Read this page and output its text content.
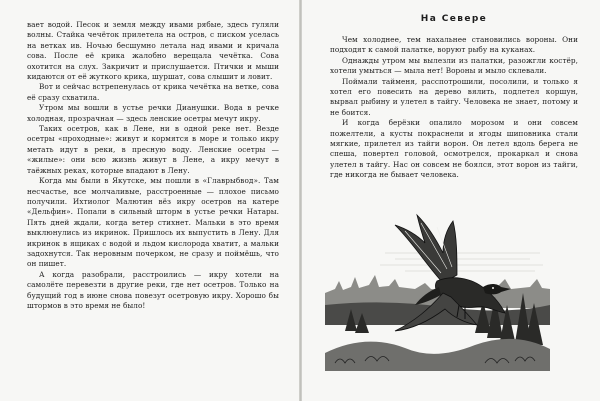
вает водой. Песок и земля между ивами рябые, здесь гуляли волны. Стайка чечёток прилетела на остров, с писком уселась на ветках ив. Ночью бесшумно летала над ивами и кричала сова. После её крика жалобно верещала чечётка. Сова охотится на слух. Закричит и прислушается. Птички и мыши кидаются от её жуткого крика, шуршат, сова слышит и ловит.

Вот и сейчас встрепенулась от крика чечётка на ветке, сова её сразу схватила.

Утром мы вошли в устье речки Дианушки. Вода в речке холодная, прозрачная — здесь ленские осетры мечут икру.

Таких осетров, как в Лене, ни в одной реке нет. Везде осетры «проходные»: живут и кормятся в море и только икру метать идут в реки, в пресную воду. Ленские осетры — «жилые»: они всю жизнь живут в Лене, а икру мечут в таёжных реках, которые впадают в Лену.

Когда мы были в Якутске, мы пошли в «Главрыбвод». Там несчастье, все молчаливые, расстроенные — плохое письмо получили. Ихтиолог Малютин вёз икру осетров на катере «Дельфин». Попали в сильный шторм в устье речки Натары. Пять дней ждали, когда ветер стихнет. Мальки в это время выклюнулись из икринок. Пришлось их выпустить в Лену. Для икринок в ящиках с водой и льдом кислорода хватит, а мальки задохнутся. Так неровным почерком, не сразу и поймёшь, что он пишет.

А когда разобрали, расстроились — икру хотели на самолёте перевезти в другие реки, где нет осетров. Только на будущий год в июне снова повезут осетровую икру. Хорошо бы штормов в это время не было!

На Севере

Чем холоднее, тем нахальнее становились вороны. Они подходят к самой палатке, воруют рыбу на куканах.

Однажды утром мы вылезли из палатки, разожгли костёр, хотели умыться — мыла нет! Вороны и мыло склевали.

Поймали тайменя, расспотрошили, посолили, и только я хотел его повесить на дерево вялить, подлетел коршун, вырвал рыбину и улетел в тайгу. Человека не знает, потому и не боится.

И когда берёзки опалило морозом и они совсем пожелтели, а кусты покраснели и ягоды шиповника стали мягкие, прилетел из тайги ворон. Он летел вдоль берега не спеша, повертел головой, осмотрелся, прокаркал и снова улетел в тайгу. Нас он совсем не боялся, этот ворон из тайги, где никогда не бывает человека.
